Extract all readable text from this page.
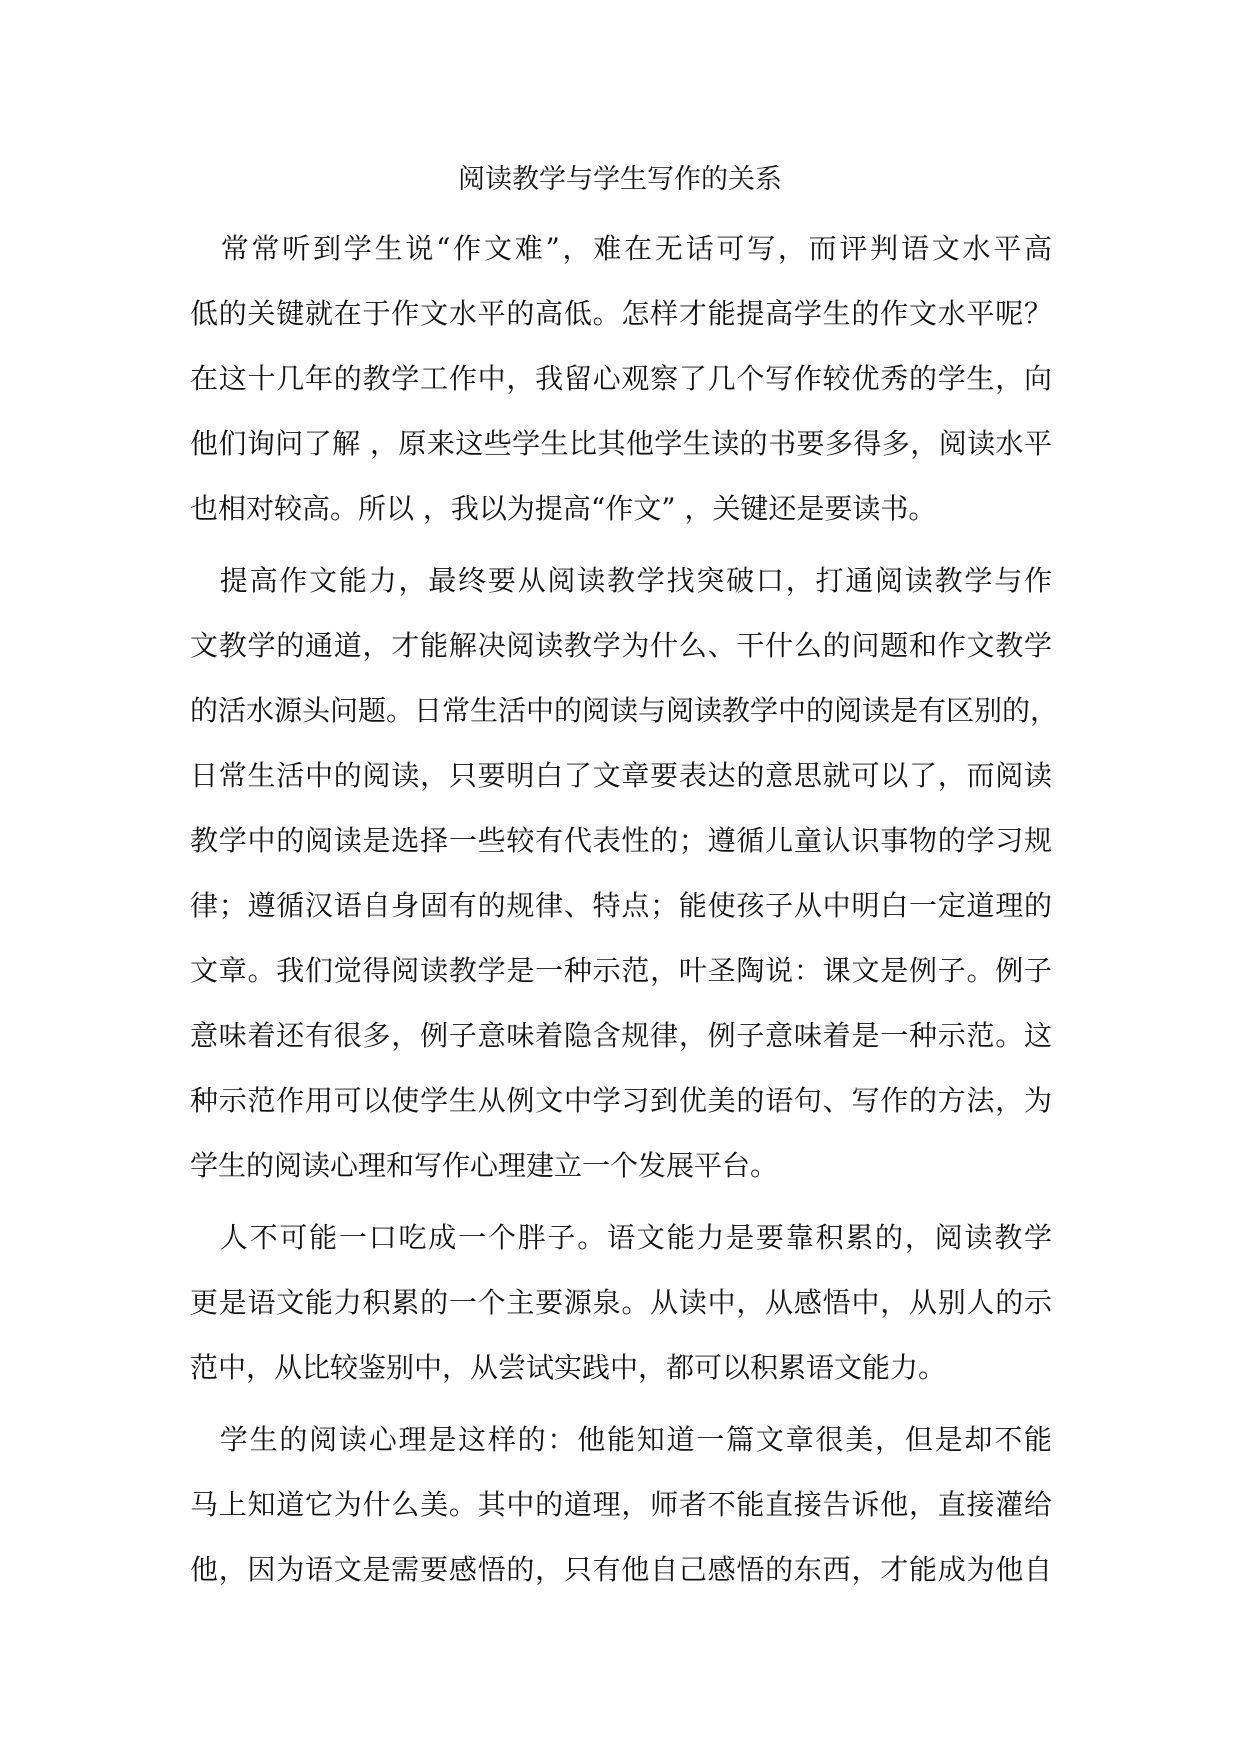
阅读教学与学生写作的关系
　常常听到学生说“作文难”，难在无话可写，而评判语文水平高
低的关键就在于作文水平的高低。怎样才能提高学生的作文水平呢？
在这十几年的教学工作中，我留心观察了几个写作较优秀的学生，向
他们询问了解 ，原来这些学生比其他学生读的书要多得多，阅读水平
也相对较高。所以 ，我以为提高“作文” ，关键还是要读书。
　提高作文能力，最终要从阅读教学找突破口，打通阅读教学与作
文教学的通道，才能解决阅读教学为什么、干什么的问题和作文教学
的活水源头问题。日常生活中的阅读与阅读教学中的阅读是有区别的，
日常生活中的阅读，只要明白了文章要表达的意思就可以了，而阅读
教学中的阅读是选择一些较有代表性的；遵循儿童认识事物的学习规
律；遵循汉语自身固有的规律、特点；能使孩子从中明白一定道理的
文章。我们觉得阅读教学是一种示范，叶圣陶说：课文是例子。例子
意味着还有很多，例子意味着隐含规律，例子意味着是一种示范。这
种示范作用可以使学生从例文中学习到优美的语句、写作的方法，为
学生的阅读心理和写作心理建立一个发展平台。
　人不可能一口吃成一个胖子。语文能力是要靠积累的，阅读教学
更是语文能力积累的一个主要源泉。从读中，从感悟中，从别人的示
范中，从比较鉴别中，从尝试实践中，都可以积累语文能力。
　学生的阅读心理是这样的：他能知道一篇文章很美，但是却不能
马上知道它为什么美。其中的道理，师者不能直接告诉他，直接灌给
他，因为语文是需要感悟的，只有他自己感悟的东西，才能成为他自
